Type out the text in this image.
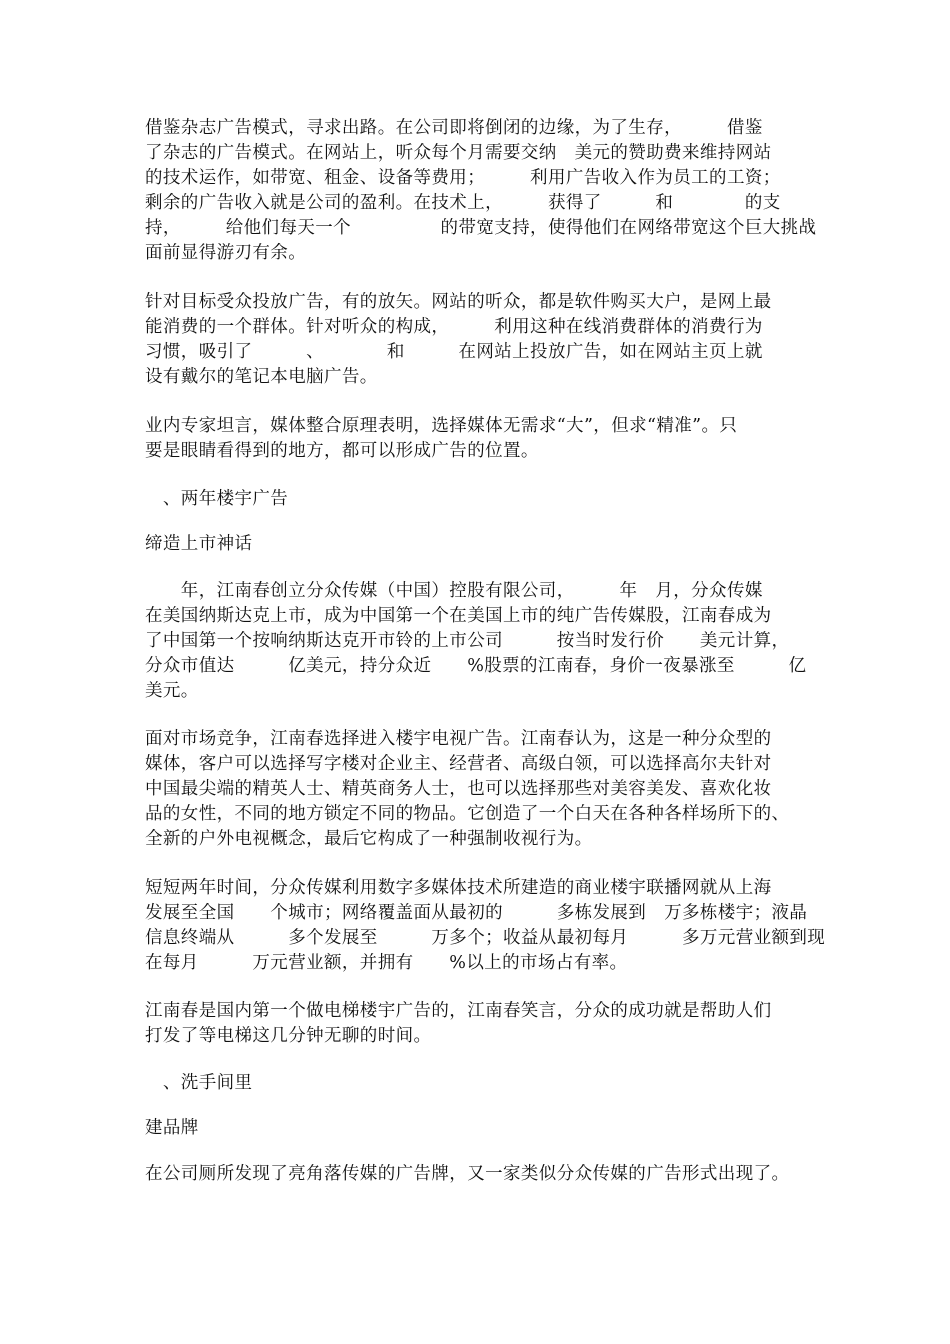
借鉴杂志广告模式，寻求出路。在公司即将倒闭的边缘，为了生存，　　　借鉴
了杂志的广告模式。在网站上，听众每个月需要交纳　美元的赞助费来维持网站
的技术运作，如带宽、租金、设备等费用；　　　利用广告收入作为员工的工资；
剩余的广告收入就是公司的盈利。在技术上，　　　获得了　　　和　　　　的支
持，　　　给他们每天一个　　　　　的带宽支持，使得他们在网络带宽这个巨大挑战
面前显得游刃有余。
针对目标受众投放广告，有的放矢。网站的听众，都是软件购买大户，是网上最
能消费的一个群体。针对听众的构成，　　　利用这种在线消费群体的消费行为
习惯，吸引了　　　、　　　　和　　　在网站上投放广告，如在网站主页上就
设有戴尔的笔记本电脑广告。
业内专家坦言，媒体整合原理表明，选择媒体无需求“大”，但求“精准”。只
要是眼睛看得到的地方，都可以形成广告的位置。
　、两年楼宇广告
缔造上市神话
　　年，江南春创立分众传媒（中国）控股有限公司，　　　年　月，分众传媒
在美国纳斯达克上市，成为中国第一个在美国上市的纯广告传媒股，江南春成为
了中国第一个按响纳斯达克开市铃的上市公司　　　按当时发行价　　美元计算，
分众市值达　　　亿美元，持分众近　　%股票的江南春，身价一夜暴涨至　　　亿
美元。
面对市场竞争，江南春选择进入楼宇电视广告。江南春认为，这是一种分众型的
媒体，客户可以选择写字楼对企业主、经营者、高级白领，可以选择高尔夫针对
中国最尖端的精英人士、精英商务人士，也可以选择那些对美容美发、喜欢化妆
品的女性，不同的地方锁定不同的物品。它创造了一个白天在各种各样场所下的、
全新的户外电视概念，最后它构成了一种强制收视行为。
短短两年时间，分众传媒利用数字多媒体技术所建造的商业楼宇联播网就从上海
发展至全国　　个城市；网络覆盖面从最初的　　　多栋发展到　万多栋楼宇；液晶
信息终端从　　　多个发展至　　　万多个；收益从最初每月　　　多万元营业额到现
在每月　　　万元营业额，并拥有　　%以上的市场占有率。
江南春是国内第一个做电梯楼宇广告的，江南春笑言，分众的成功就是帮助人们
打发了等电梯这几分钟无聊的时间。
　、洗手间里
建品牌
在公司厕所发现了亮角落传媒的广告牌，又一家类似分众传媒的广告形式出现了。
